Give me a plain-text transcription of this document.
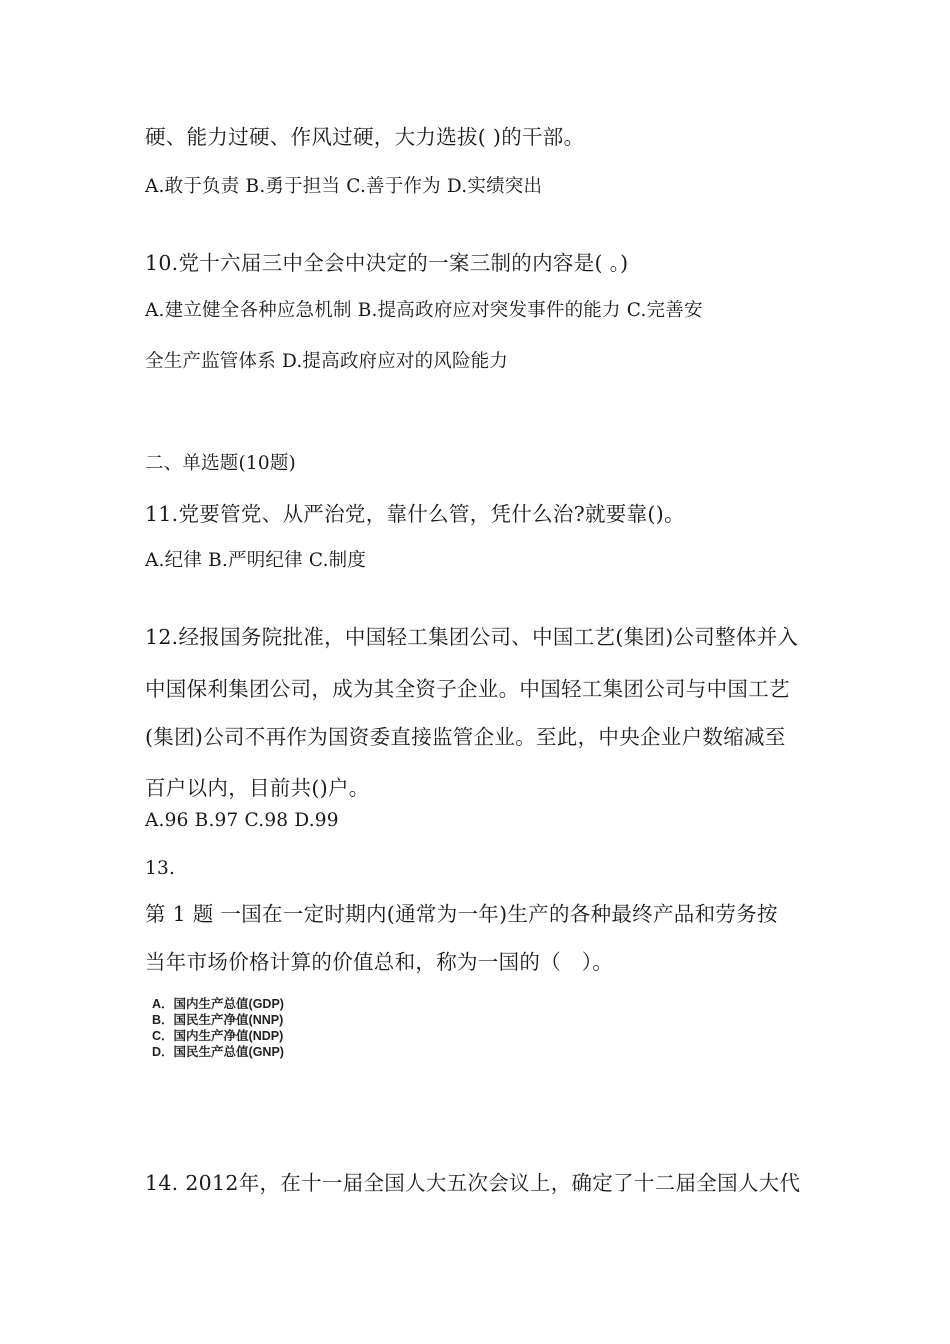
硬、能力过硬、作风过硬，大力选拔( )的干部。
A.敢于负责 B.勇于担当 C.善于作为 D.实绩突出
10.党十六届三中全会中决定的一案三制的内容是( 。)
A.建立健全各种应急机制 B.提高政府应对突发事件的能力 C.完善安
全生产监管体系 D.提高政府应对的风险能力
二、单选题(10题)
11.党要管党、从严治党，靠什么管，凭什么治?就要靠()。
A.纪律 B.严明纪律 C.制度
12.经报国务院批准，中国轻工集团公司、中国工艺(集团)公司整体并入
中国保利集团公司，成为其全资子企业。中国轻工集团公司与中国工艺
(集团)公司不再作为国资委直接监管企业。至此，中央企业户数缩减至
百户以内，目前共()户。
A.96 B.97 C.98 D.99
13.
第 1 题 一国在一定时期内(通常为一年)生产的各种最终产品和劳务按
当年市场价格计算的价值总和，称为一国的（　）。
A．国内生产总值(GDP)
B．国民生产净值(NNP)
C．国内生产净值(NDP)
D．国民生产总值(GNP)
14. 2012年，在十一届全国人大五次会议上，确定了十二届全国人大代
